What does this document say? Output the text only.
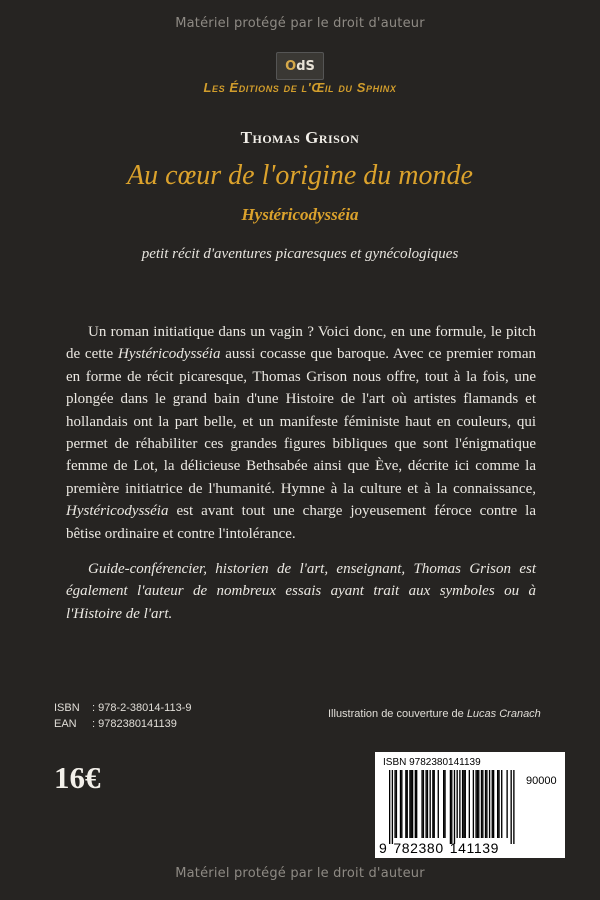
Matériel protégé par le droit d'auteur
O dS
Les Éditions de l'Œil du Sphinx
Thomas Grison
Au cœur de l'origine du monde
Hystéricodysséia
petit récit d'aventures picaresques et gynécologiques

Un roman initiatique dans un vagin ? Voici donc, en une formule, le pitch de cette Hystéricodysséia aussi cocasse que baroque. Avec ce premier roman en forme de récit picaresque, Thomas Grison nous offre, tout à la fois, une plongée dans le grand bain d'une Histoire de l'art où artistes flamands et hollandais ont la part belle, et un manifeste féministe haut en couleurs, qui permet de réhabiliter ces grandes figures bibliques que sont l'énigmatique femme de Lot, la délicieuse Bethsabée ainsi que Ève, décrite ici comme la première initiatrice de l'humanité. Hymne à la culture et à la connaissance, Hystéricodysséia est avant tout une charge joyeusement féroce contre la bêtise ordinaire et contre l'intolérance.

Guide-conférencier, historien de l'art, enseignant, Thomas Grison est également l'auteur de nombreux essais ayant trait aux symboles ou à l'Histoire de l'art.

ISBN : 978-2-38014-113-9
EAN : 9782380141139
Illustration de couverture de Lucas Cranach
16€	ISBN 9782380141139
90000
9 782380 141139
Matériel protégé par le droit d'auteur
